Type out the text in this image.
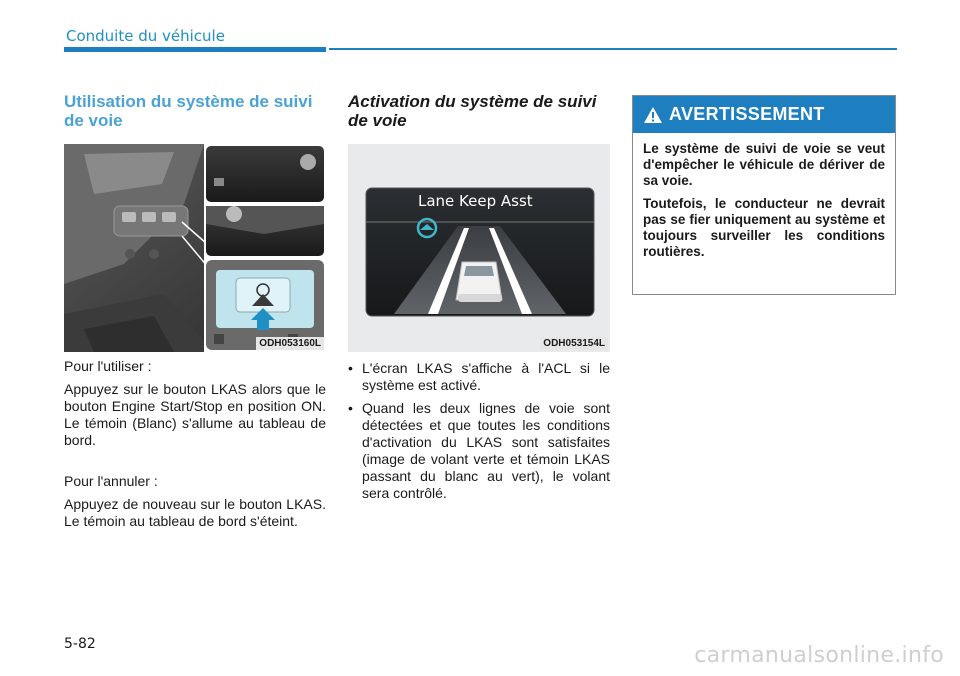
Conduite du véhicule
Utilisation du système de suivi de voie
ODH053160L

Pour l'utiliser :

Appuyez sur le bouton LKAS alors que le bouton Engine Start/Stop en position ON. Le témoin (Blanc) s'allume au tableau de bord.

Pour l'annuler :

Appuyez de nouveau sur le bouton LKAS. Le témoin au tableau de bord s'éteint.

Activation du système de suivi de voie
Lane Keep Asst
ODH053154L
• L'écran LKAS s'affiche à l'ACL si le système est activé.
• Quand les deux lignes de voie sont détectées et que toutes les conditions d'activation du LKAS sont satisfaites (image de volant verte et témoin LKAS passant du blanc au vert), le volant sera contrôlé.
AVERTISSEMENT

Le système de suivi de voie se veut d'empêcher le véhicule de dériver de sa voie.

Toutefois, le conducteur ne devrait pas se fier uniquement au système et toujours surveiller les conditions routières.

5-82	carmanualsonline.info
